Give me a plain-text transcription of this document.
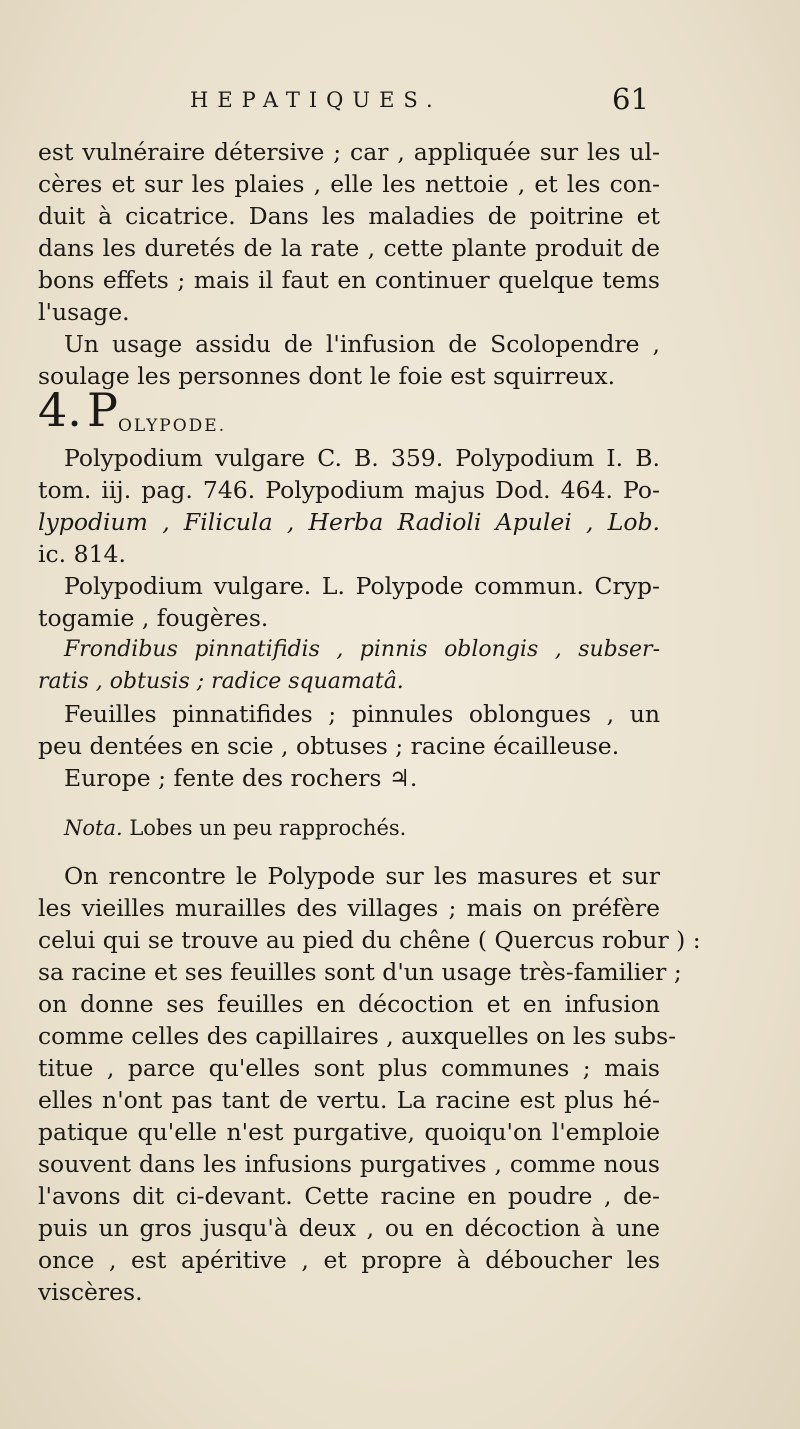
HEPATIQUES.	61
est vulnéraire détersive ; car , appliquée sur les ul-
cères et sur les plaies , elle les nettoie , et les con-
duit à cicatrice. Dans les maladies de poitrine et
dans les duretés de la rate , cette plante produit de
bons effets ; mais il faut en continuer quelque tems
l'usage.
Un usage assidu de l'infusion de Scolopendre ,
soulage les personnes dont le foie est squirreux.
4. POLYPODE.
Polypodium vulgare C. B. 359. Polypodium I. B.
tom. iij. pag. 746. Polypodium majus Dod. 464. Po-
lypodium , Filicula , Herba Radioli Apulei , Lob.
ic. 814.
Polypodium vulgare. L. Polypode commun. Cryp-
togamie , fougères.
Frondibus pinnatifidis , pinnis oblongis , subser-
ratis , obtusis ; radice squamatâ.
Feuilles pinnatifides ; pinnules oblongues , un
peu dentées en scie , obtuses ; racine écailleuse.
Europe ; fente des rochers ♃.
Nota. Lobes un peu rapprochés.
On rencontre le Polypode sur les masures et sur
les vieilles murailles des villages ; mais on préfère
celui qui se trouve au pied du chêne ( Quercus robur ) :
sa racine et ses feuilles sont d'un usage très-familier ;
on donne ses feuilles en décoction et en infusion
comme celles des capillaires , auxquelles on les subs-
titue , parce qu'elles sont plus communes ; mais
elles n'ont pas tant de vertu. La racine est plus hé-
patique qu'elle n'est purgative, quoiqu'on l'emploie
souvent dans les infusions purgatives , comme nous
l'avons dit ci-devant. Cette racine en poudre , de-
puis un gros jusqu'à deux , ou en décoction à une
once , est apéritive , et propre à déboucher les
viscères.
